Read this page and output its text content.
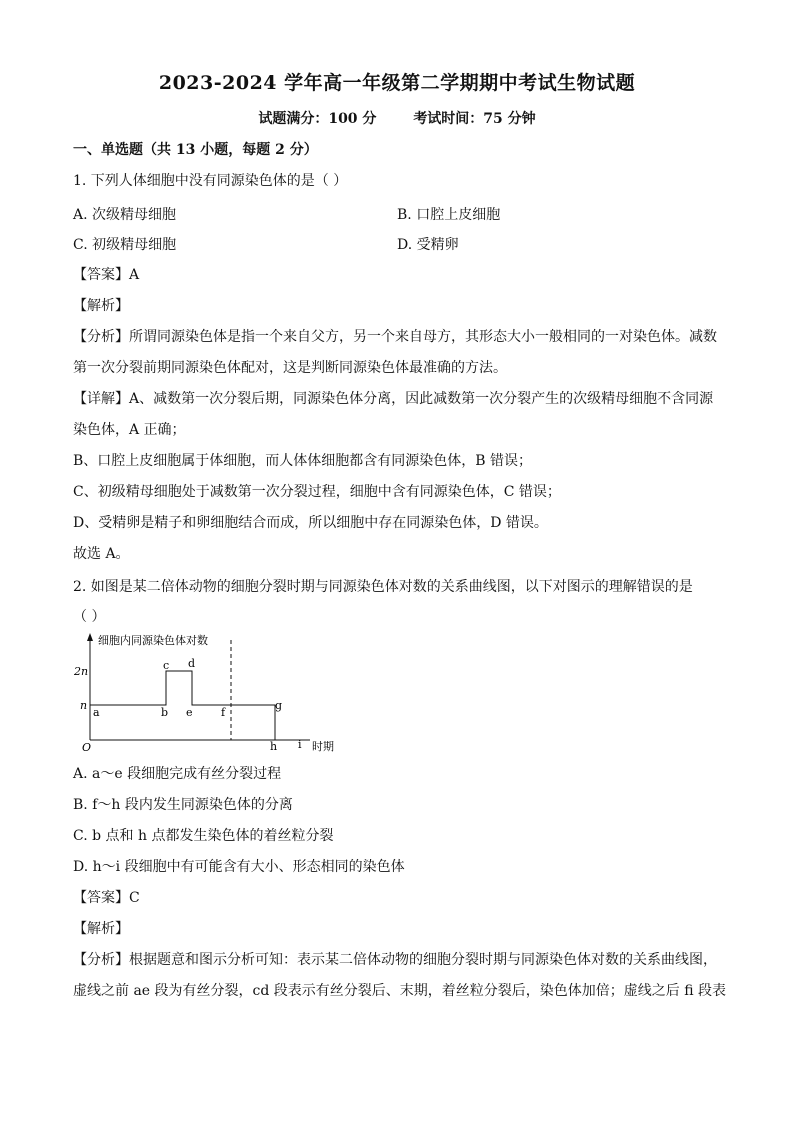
2023-2024 学年高一年级第二学期期中考试生物试题
试题满分：100 分	考试时间：75 分钟
一、单选题（共 13 小题，每题 2 分）
1. 下列人体细胞中没有同源染色体的是（ ）
A. 次级精母细胞	B. 口腔上皮细胞
C. 初级精母细胞	D. 受精卵
【答案】A
【解析】
【分析】所谓同源染色体是指一个来自父方，另一个来自母方，其形态大小一般相同的一对染色体。减数
第一次分裂前期同源染色体配对，这是判断同源染色体最准确的方法。
【详解】A、减数第一次分裂后期，同源染色体分离，因此减数第一次分裂产生的次级精母细胞不含同源
染色体，A 正确；
B、口腔上皮细胞属于体细胞，而人体体细胞都含有同源染色体，B 错误；
C、初级精母细胞处于减数第一次分裂过程，细胞中含有同源染色体，C 错误；
D、受精卵是精子和卵细胞结合而成，所以细胞中存在同源染色体，D 错误。
故选 A。
2. 如图是某二倍体动物的细胞分裂时期与同源染色体对数的关系曲线图，以下对图示的理解错误的是
（ ）
细胞内同源染色体对数
时期
O
2n
n
a	b
c d
e	f
g
h i
A. a～e 段细胞完成有丝分裂过程
B. f～h 段内发生同源染色体的分离
C. b 点和 h 点都发生染色体的着丝粒分裂
D. h～i 段细胞中有可能含有大小、形态相同的染色体
【答案】C
【解析】
【分析】根据题意和图示分析可知：表示某二倍体动物的细胞分裂时期与同源染色体对数的关系曲线图，
虚线之前 ae 段为有丝分裂，cd 段表示有丝分裂后、末期，着丝粒分裂后，染色体加倍；虚线之后 fi 段表
